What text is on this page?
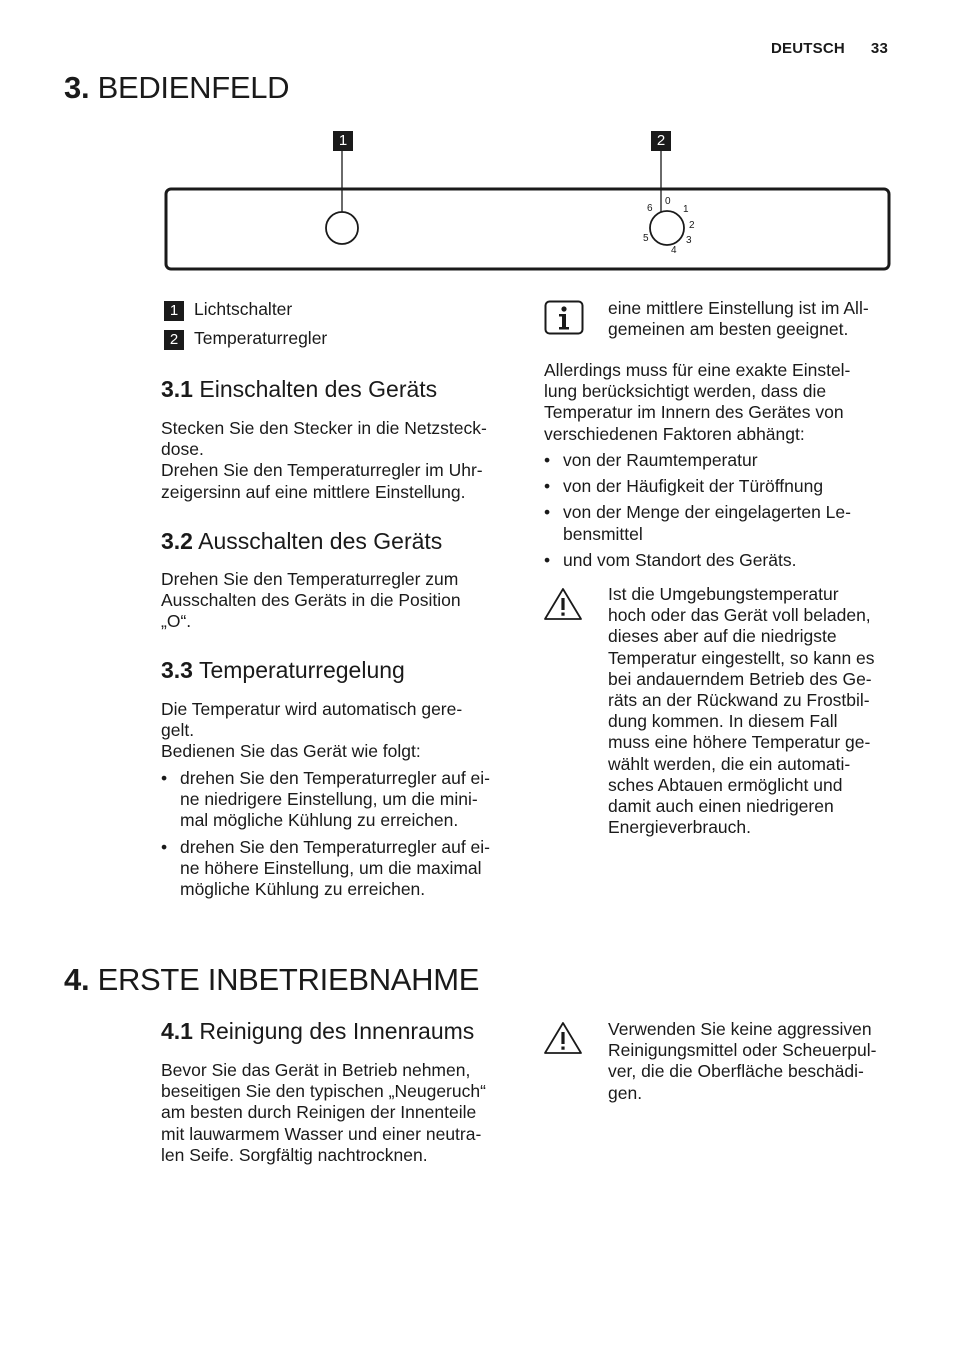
DEUTSCH 33
3. BEDIENFELD
1	2
0
1
2
3
4
5
6
1 Lichtschalter
2 Temperaturregler
3.1 Einschalten des Geräts

Stecken Sie den Stecker in die Netzsteck-
dose.
Drehen Sie den Temperaturregler im Uhr-
zeigersinn auf eine mittlere Einstellung.

3.2 Ausschalten des Geräts

Drehen Sie den Temperaturregler zum
Ausschalten des Geräts in die Position
„O“.

3.3 Temperaturregelung

Die Temperatur wird automatisch gere-
gelt.
Bedienen Sie das Gerät wie folgt:

• drehen Sie den Temperaturregler auf ei-
ne niedrigere Einstellung, um die mini-
mal mögliche Kühlung zu erreichen.
• drehen Sie den Temperaturregler auf ei-
ne höhere Einstellung, um die maximal
mögliche Kühlung zu erreichen.
eine mittlere Einstellung ist im All-
gemeinen am besten geeignet.

Allerdings muss für eine exakte Einstel-
lung berücksichtigt werden, dass die
Temperatur im Innern des Gerätes von
verschiedenen Faktoren abhängt:

• von der Raumtemperatur
• von der Häufigkeit der Türöffnung
• von der Menge der eingelagerten Le-
bensmittel
• und vom Standort des Geräts.
Ist die Umgebungstemperatur
hoch oder das Gerät voll beladen,
dieses aber auf die niedrigste
Temperatur eingestellt, so kann es
bei andauerndem Betrieb des Ge-
räts an der Rückwand zu Frostbil-
dung kommen. In diesem Fall
muss eine höhere Temperatur ge-
wählt werden, die ein automati-
sches Abtauen ermöglicht und
damit auch einen niedrigeren
Energieverbrauch.
4. ERSTE INBETRIEBNAHME
4.1 Reinigung des Innenraums

Bevor Sie das Gerät in Betrieb nehmen,
beseitigen Sie den typischen „Neugeruch“
am besten durch Reinigen der Innenteile
mit lauwarmem Wasser und einer neutra-
len Seife. Sorgfältig nachtrocknen.

Verwenden Sie keine aggressiven
Reinigungsmittel oder Scheuerpul-
ver, die die Oberfläche beschädi-
gen.
